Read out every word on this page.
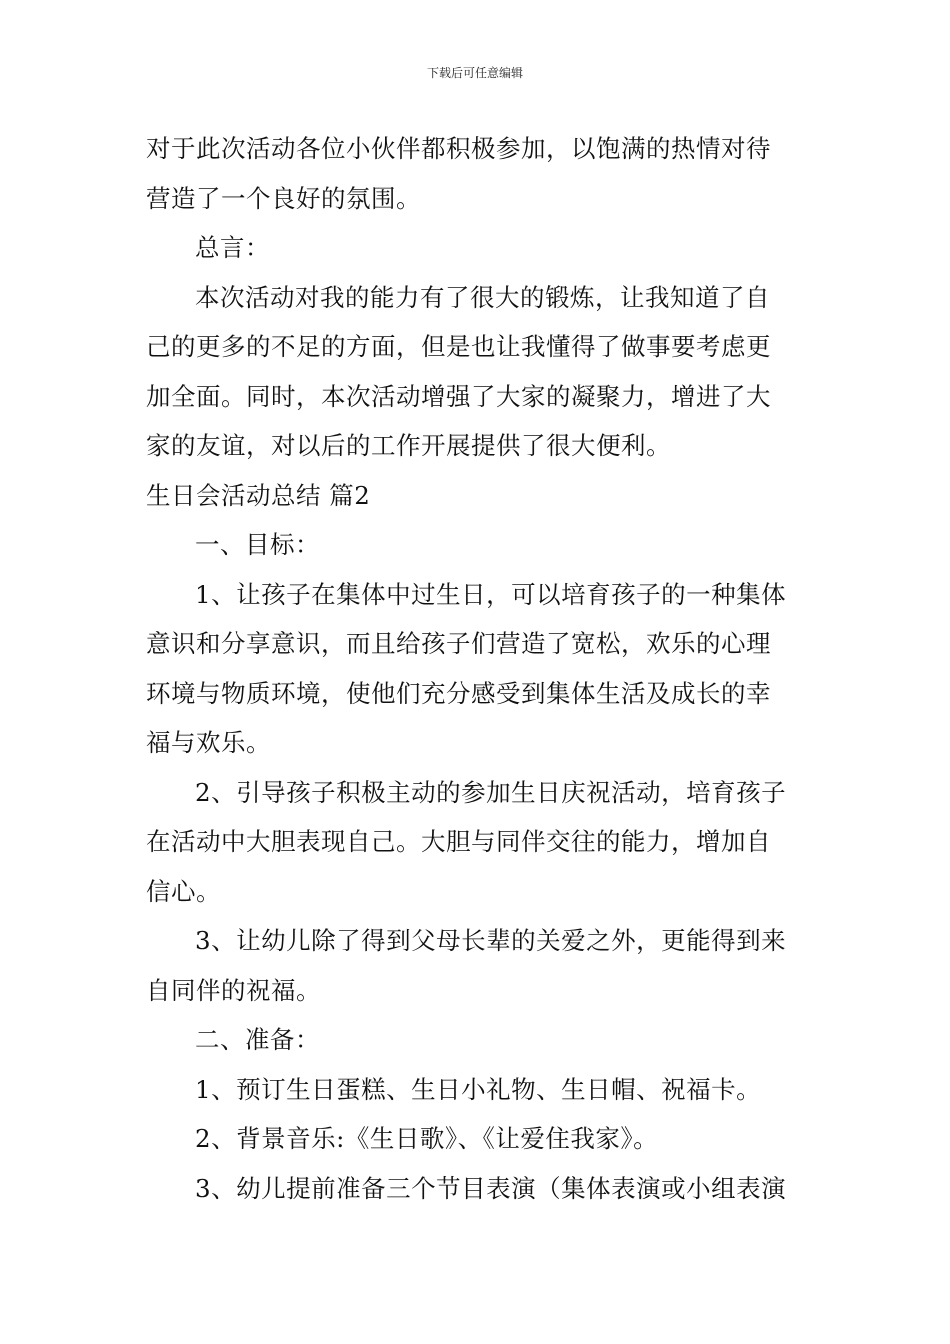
下载后可任意编辑
对于此次活动各位小伙伴都积极参加，以饱满的热情对待
营造了一个良好的氛围。
总言：
本次活动对我的能力有了很大的锻炼，让我知道了自
己的更多的不足的方面，但是也让我懂得了做事要考虑更
加全面。同时，本次活动增强了大家的凝聚力，增进了大
家的友谊，对以后的工作开展提供了很大便利。
生日会活动总结 篇2
一、目标：
1、让孩子在集体中过生日，可以培育孩子的一种集体
意识和分享意识，而且给孩子们营造了宽松，欢乐的心理
环境与物质环境，使他们充分感受到集体生活及成长的幸
福与欢乐。
2、引导孩子积极主动的参加生日庆祝活动，培育孩子
在活动中大胆表现自己。大胆与同伴交往的能力，增加自
信心。
3、让幼儿除了得到父母长辈的关爱之外，更能得到来
自同伴的祝福。
二、准备：
1、预订生日蛋糕、生日小礼物、生日帽、祝福卡。
2、背景音乐:《生日歌》、《让爱住我家》。
3、幼儿提前准备三个节目表演（集体表演或小组表演
